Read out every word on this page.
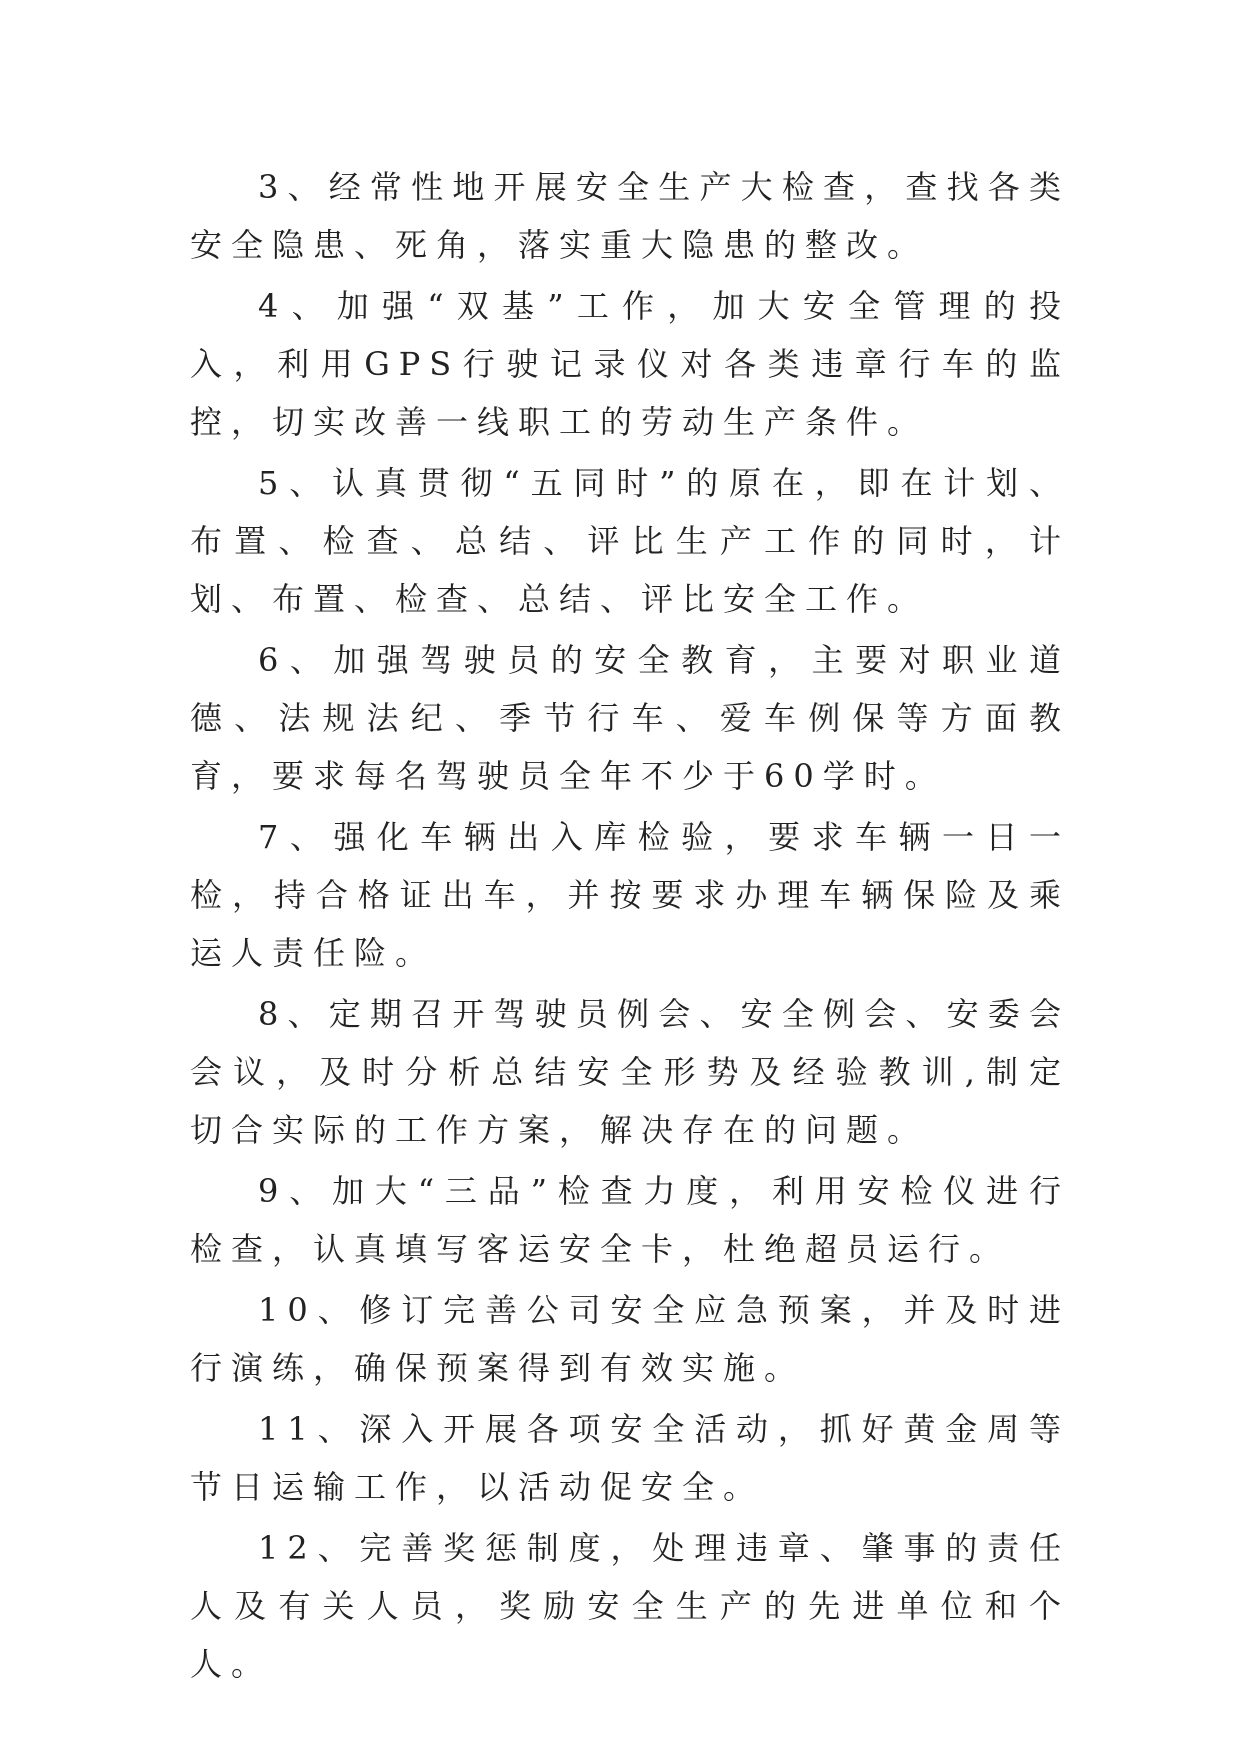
3、经常性地开展安全生产大检查，查找各类安全隐患、死角，落实重大隐患的整改。

4、加强“双基”工作，加大安全管理的投入，利用GPS行驶记录仪对各类违章行车的监控，切实改善一线职工的劳动生产条件。

5、认真贯彻“五同时”的原在，即在计划、布置、检查、总结、评比生产工作的同时，计划、布置、检查、总结、评比安全工作。

6、加强驾驶员的安全教育，主要对职业道德、法规法纪、季节行车、爱车例保等方面教育，要求每名驾驶员全年不少于60学时。

7、强化车辆出入库检验，要求车辆一日一检，持合格证出车，并按要求办理车辆保险及乘运人责任险。

8、定期召开驾驶员例会、安全例会、安委会会议，及时分析总结安全形势及经验教训,制定切合实际的工作方案，解决存在的问题。

9、加大“三品”检查力度，利用安检仪进行检查，认真填写客运安全卡，杜绝超员运行。

10、修订完善公司安全应急预案，并及时进行演练，确保预案得到有效实施。

11、深入开展各项安全活动，抓好黄金周等节日运输工作，以活动促安全。

12、完善奖惩制度，处理违章、肇事的责任人及有关人员，奖励安全生产的先进单位和个人。
